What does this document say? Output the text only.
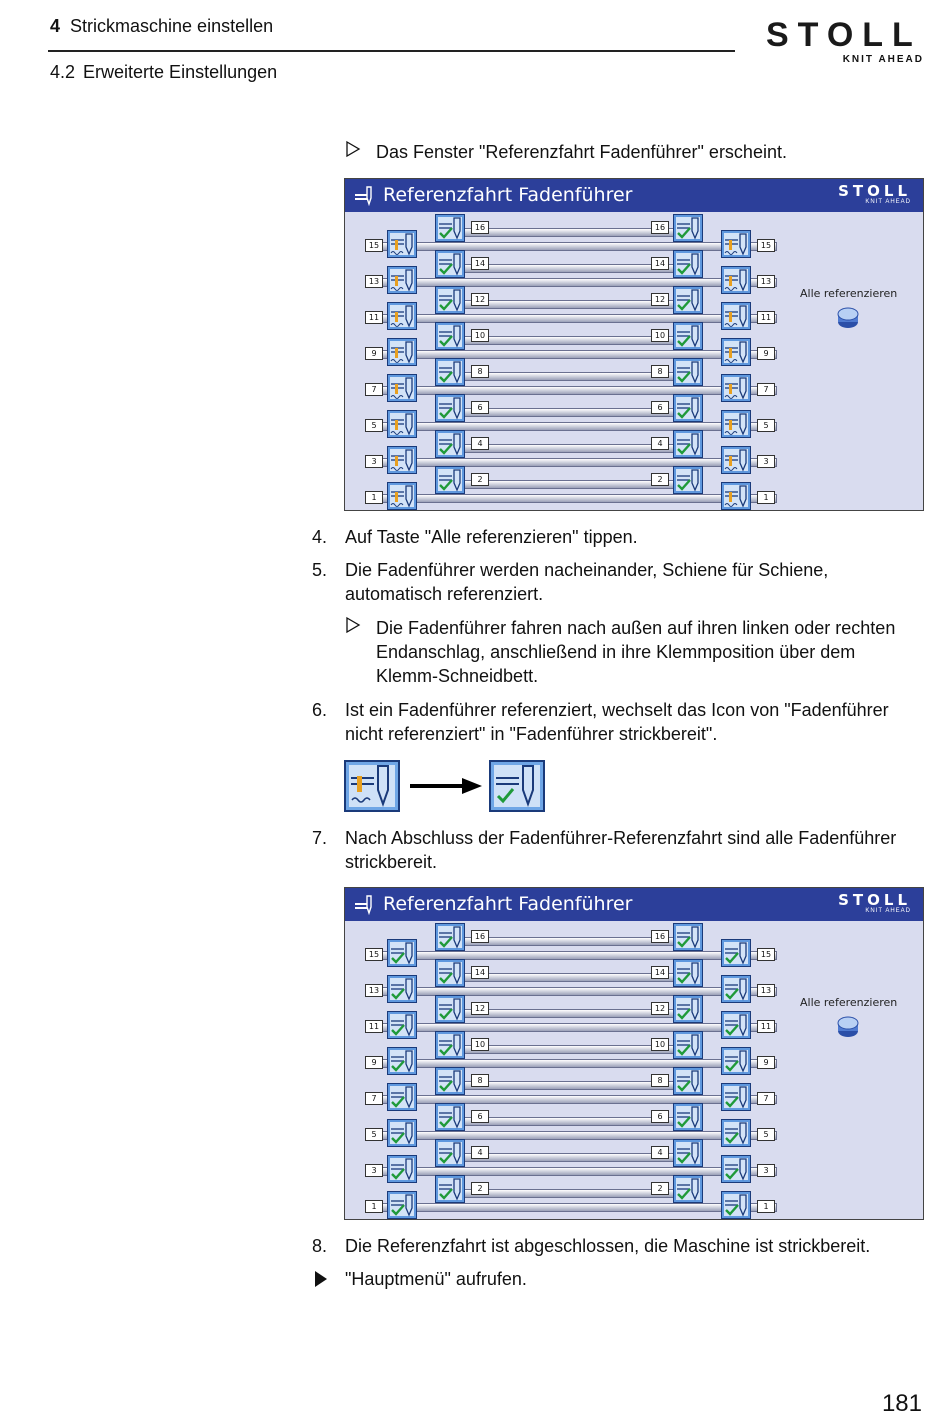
4 Strickmaschine einstellen
4.2 Erweiterte Einstellungen
STOLL
KNIT AHEAD
Das Fenster "Referenzfahrt Fadenführer" erscheint.
Referenzfahrt Fadenführer	STOLL
KNIT AHEAD
Alle referenzieren
16	16
15	15
14	14
13	13
12	12
11	11
10	10
9	9
8	8
7	7
6	6
5	5
4	4
3	3
2	2
1	1
4. Auf Taste "Alle referenzieren" tippen.
5. Die Fadenführer werden nacheinander, Schiene für Schiene, automatisch referenziert.
Die Fadenführer fahren nach außen auf ihren linken oder rechten Endanschlag, anschließend in ihre Klemmposition über dem Klemm-Schneidbett.
6. Ist ein Fadenführer referenziert, wechselt das Icon von "Fadenführer nicht referenziert" in "Fadenführer strickbereit".
7. Nach Abschluss der Fadenführer-Referenzfahrt sind alle Fadenführer strickbereit.
Referenzfahrt Fadenführer	STOLL
KNIT AHEAD
Alle referenzieren
16	16
15	15
14	14
13	13
12	12
11	11
10	10
9	9
8	8
7	7
6	6
5	5
4	4
3	3
2	2
1	1
8. Die Referenzfahrt ist abgeschlossen, die Maschine ist strickbereit.
"Hauptmenü" aufrufen.
181
